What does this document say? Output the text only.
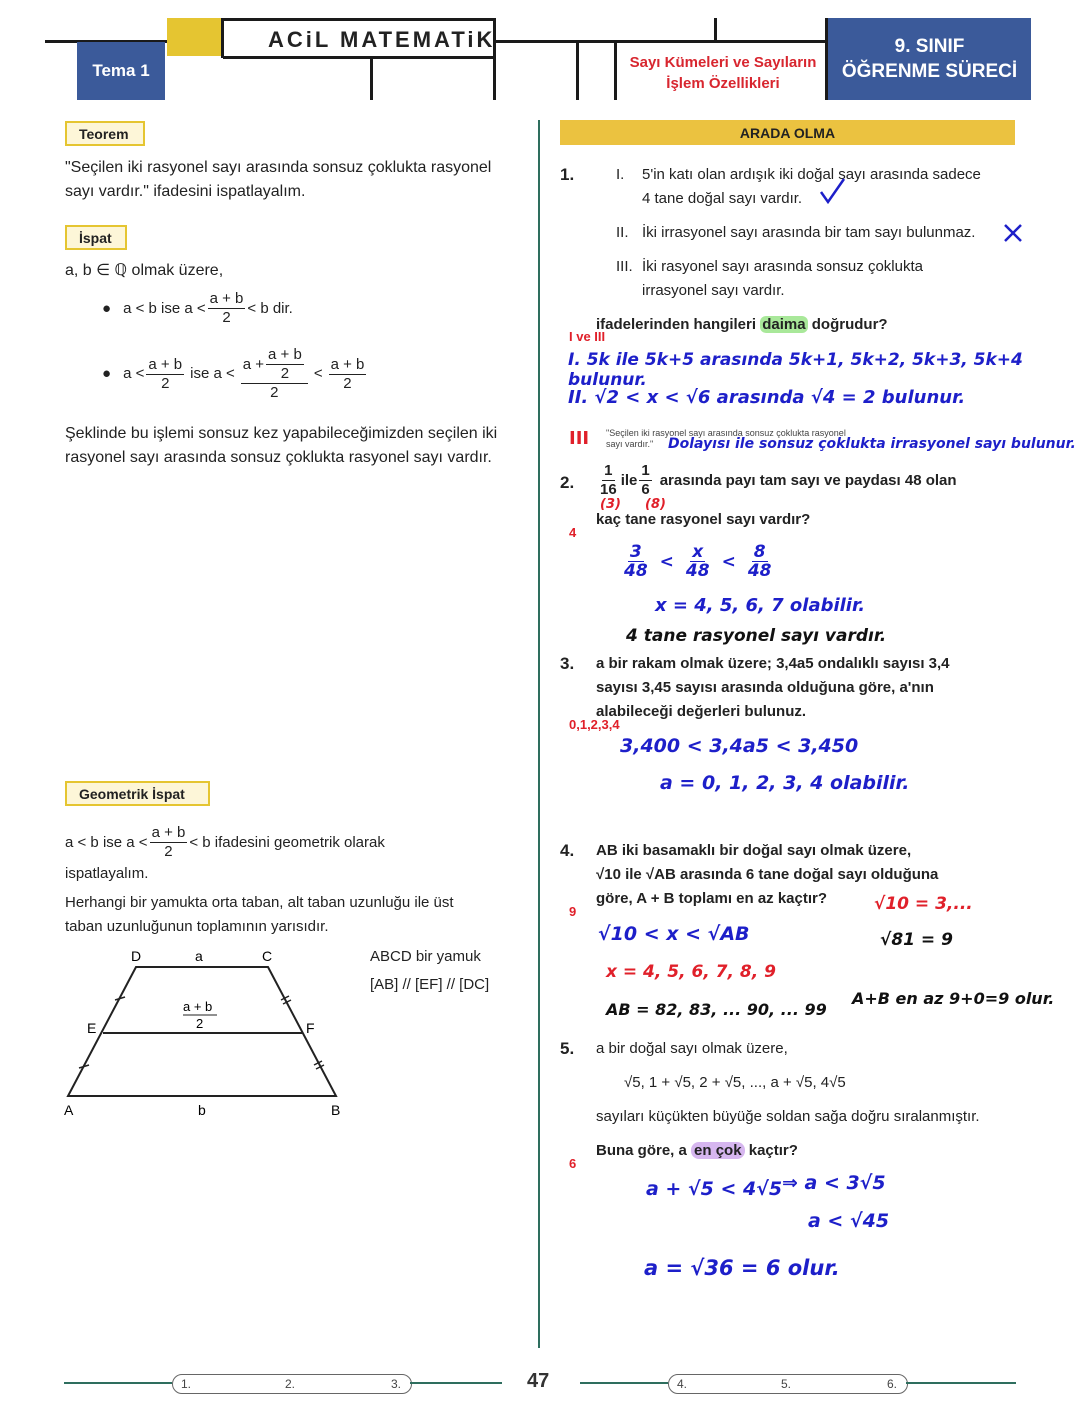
Tema 1
ACiL MATEMATiK
Sayı Kümeleri ve Sayıların
İşlem Özellikleri
9. SINIF
ÖĞRENME SÜRECİ
Teorem
"Seçilen iki rasyonel sayı arasında sonsuz çoklukta rasyonel
sayı vardır." ifadesini ispatlayalım.
İspat
a, b ∈ ℚ olmak üzere,
● a < b ise $a < \frac{a + b}{2} < b$ dir.
● $a < \frac{a + b}{2}$ ise $a < \frac{a + \frac{a + b}{2}}{2} < \frac{a + b}{2}$
Şeklinde bu işlemi sonsuz kez yapabileceğimizden seçilen iki
rasyonel sayı arasında sonsuz çoklukta rasyonel sayı vardır.
Geometrik İspat
a < b ise $a < \frac{a + b}{2} < b$ ifadesini geometrik olarak
ispatlayalım.
Herhangi bir yamukta orta taban, alt taban uzunluğu ile üst
taban uzunluğunun toplamının yarısıdır.
ABCD bir yamuk
[AB] // [EF] // [DC]
D	a	C
E	F
a + b
2
A	b	B
ARADA OLMA
1.	I. 5'in katı olan ardışık iki doğal sayı arasında sadece
4 tane doğal sayı vardır.
II. İki irrasyonel sayı arasında bir tam sayı bulunmaz.
III. İki rasyonel sayı arasında sonsuz çoklukta
irrasyonel sayı vardır.
ifadelerinden hangileri daima doğrudur?
I ve III
I. 5k ile 5k+5 arasında 5k+1, 5k+2, 5k+3, 5k+4 bulunur.
II. √2 < x < √6 arasında √4 = 2 bulunur.
III "Seçilen iki rasyonel sayı arasında sonsuz çoklukta rasyonel
sayı vardır."	Dolayısı ile sonsuz çoklukta irrasyonel sayı bulunur.
2. $\frac{1}{16}$ ile $\frac{1}{6}$ arasında payı tam sayı ve paydası 48 olan
(3) (8)
kaç tane rasyonel sayı vardır?
4
$\frac{3}{48} < \frac{x}{48} < \frac{8}{48}$
x = 4, 5, 6, 7 olabilir.
4 tane rasyonel sayı vardır.
3. a bir rakam olmak üzere; 3,4a5 ondalıklı sayısı 3,4
sayısı 3,45 sayısı arasında olduğuna göre, a'nın
alabileceği değerleri bulunuz.
0,1,2,3,4
3,400 < 3,4a5 < 3,450
a = 0, 1, 2, 3, 4 olabilir.
4. AB iki basamaklı bir doğal sayı olmak üzere,
√10 ile √AB arasında 6 tane doğal sayı olduğuna
göre, A + B toplamı en az kaçtır?
9	√10 = 3,...
√10 < x < √AB	√81 = 9
x = 4, 5, 6, 7, 8, 9
AB = 82, 83, ... 90, ... 99
A+B en az 9+0=9 olur.
5. a bir doğal sayı olmak üzere,
√5, 1 + √5, 2 + √5, ..., a + √5, 4√5
sayıları küçükten büyüğe soldan sağa doğru sıralanmıştır.
Buna göre, a en çok kaçtır?
6
a + √5 < 4√5 ⇒ a < 3√5
a < √45
a = √36 = 6 olur.
1.	2.	3.	47	4.	5.	6.
